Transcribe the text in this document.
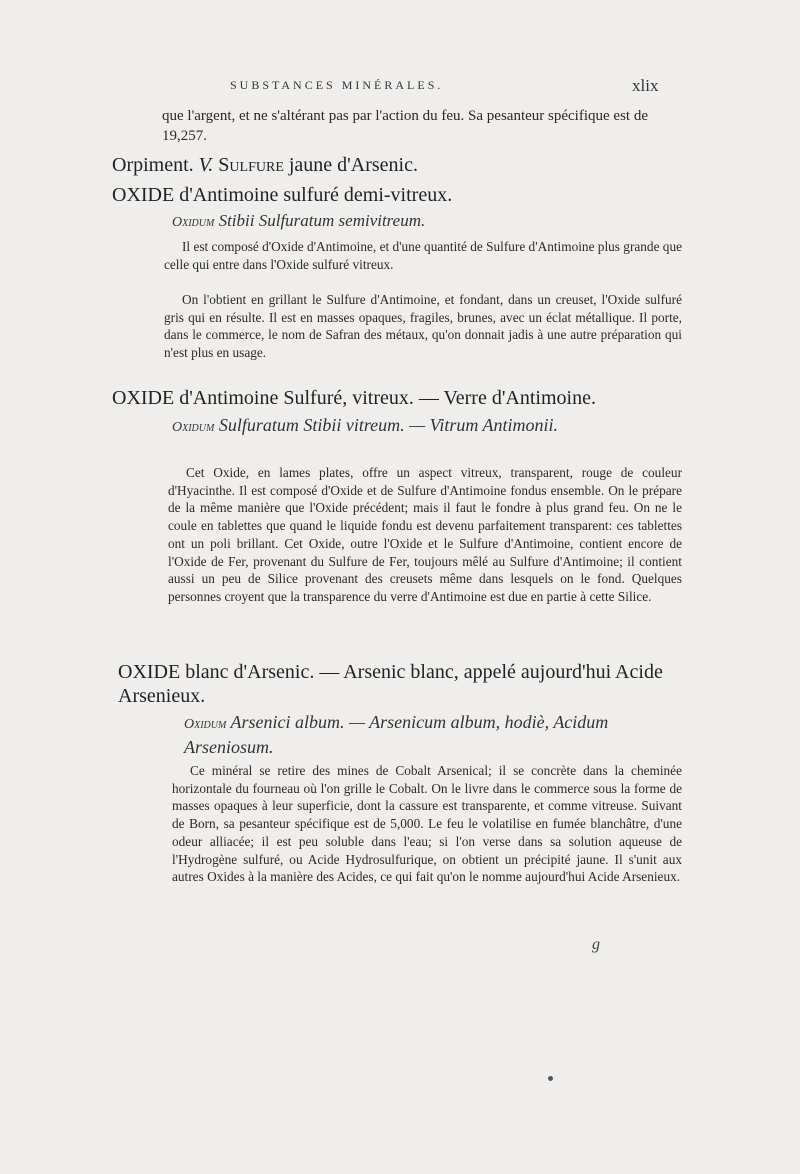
SUBSTANCES MINÉRALES.	xlix
que l'argent, et ne s'altérant pas par l'action du feu. Sa pesanteur spécifique est de 19,257.
Orpiment. V. Sulfure jaune d'Arsenic.
OXIDE d'Antimoine sulfuré demi-vitreux.
Oxidum Stibii Sulfuratum semivitreum.
Il est composé d'Oxide d'Antimoine, et d'une quantité de Sulfure d'Antimoine plus grande que celle qui entre dans l'Oxide sulfuré vitreux.
On l'obtient en grillant le Sulfure d'Antimoine, et fondant, dans un creuset, l'Oxide sulfuré gris qui en résulte. Il est en masses opaques, fragiles, brunes, avec un éclat métallique. Il porte, dans le commerce, le nom de Safran des métaux, qu'on donnait jadis à une autre préparation qui n'est plus en usage.
OXIDE d'Antimoine Sulfuré, vitreux. — Verre d'Antimoine.
Oxidum Sulfuratum Stibii vitreum. — Vitrum Antimonii.
Cet Oxide, en lames plates, offre un aspect vitreux, transparent, rouge de couleur d'Hyacinthe. Il est composé d'Oxide et de Sulfure d'Antimoine fondus ensemble. On le prépare de la même manière que l'Oxide précédent; mais il faut le fondre à plus grand feu. On ne le coule en tablettes que quand le liquide fondu est devenu parfaitement transparent: ces tablettes ont un poli brillant. Cet Oxide, outre l'Oxide et le Sulfure d'Antimoine, contient encore de l'Oxide de Fer, provenant du Sulfure de Fer, toujours mêlé au Sulfure d'Antimoine; il contient aussi un peu de Silice provenant des creusets même dans lesquels on le fond. Quelques personnes croyent que la transparence du verre d'Antimoine est due en partie à cette Silice.
OXIDE blanc d'Arsenic. — Arsenic blanc, appelé aujourd'hui Acide Arsenieux.
Oxidum Arsenici album. — Arsenicum album, hodiè, Acidum Arseniosum.
Ce minéral se retire des mines de Cobalt Arsenical; il se concrète dans la cheminée horizontale du fourneau où l'on grille le Cobalt. On le livre dans le commerce sous la forme de masses opaques à leur superficie, dont la cassure est transparente, et comme vitreuse. Suivant de Born, sa pesanteur spécifique est de 5,000. Le feu le volatilise en fumée blanchâtre, d'une odeur alliacée; il est peu soluble dans l'eau; si l'on verse dans sa solution aqueuse de l'Hydrogène sulfuré, ou Acide Hydrosulfurique, on obtient un précipité jaune. Il s'unit aux autres Oxides à la manière des Acides, ce qui fait qu'on le nomme aujourd'hui Acide Arsenieux.
g
